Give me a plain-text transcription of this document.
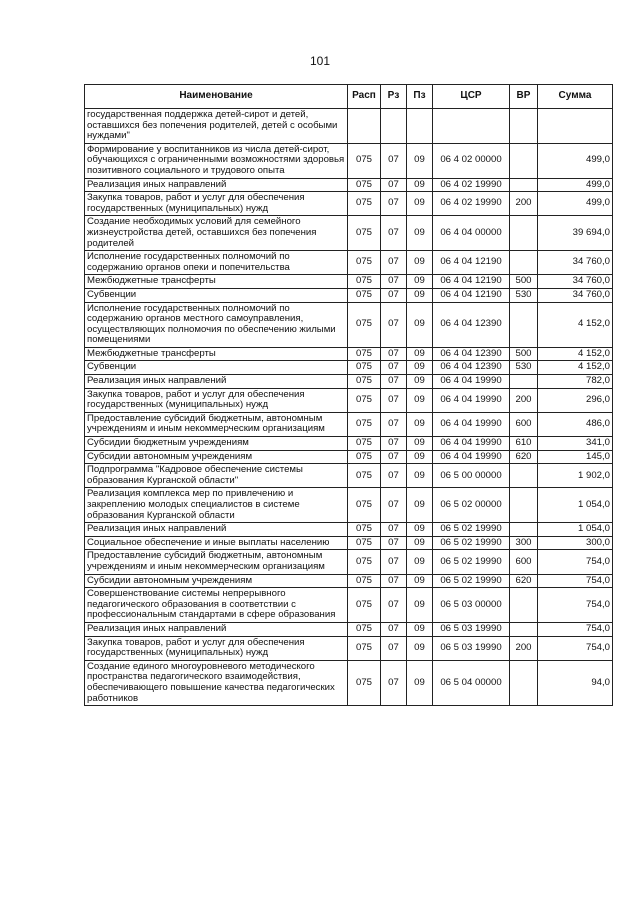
101
Наименование	Расп	Рз	Пз	ЦСР	ВР	Сумма
государственная поддержка детей-сирот и детей, оставшихся без попечения родителей, детей с особыми нуждами"						
Формирование у воспитанников из числа детей-сирот, обучающихся с ограниченными возможностями здоровья позитивного социального и трудового опыта	075	07	09	06 4 02 00000		499,0
Реализация иных направлений	075	07	09	06 4 02 19990		499,0
Закупка товаров, работ и услуг для обеспечения государственных (муниципальных) нужд	075	07	09	06 4 02 19990	200	499,0
Создание необходимых условий для семейного жизнеустройства детей, оставшихся без попечения родителей	075	07	09	06 4 04 00000		39 694,0
Исполнение государственных полномочий по содержанию органов опеки и попечительства	075	07	09	06 4 04 12190		34 760,0
Межбюджетные трансферты	075	07	09	06 4 04 12190	500	34 760,0
Субвенции	075	07	09	06 4 04 12190	530	34 760,0
Исполнение государственных полномочий по содержанию органов местного самоуправления, осуществляющих полномочия по обеспечению жилыми помещениями	075	07	09	06 4 04 12390		4 152,0
Межбюджетные трансферты	075	07	09	06 4 04 12390	500	4 152,0
Субвенции	075	07	09	06 4 04 12390	530	4 152,0
Реализация иных направлений	075	07	09	06 4 04 19990		782,0
Закупка товаров, работ и услуг для обеспечения государственных (муниципальных) нужд	075	07	09	06 4 04 19990	200	296,0
Предоставление субсидий бюджетным, автономным учреждениям и иным некоммерческим организациям	075	07	09	06 4 04 19990	600	486,0
Субсидии бюджетным учреждениям	075	07	09	06 4 04 19990	610	341,0
Субсидии автономным учреждениям	075	07	09	06 4 04 19990	620	145,0
Подпрограмма "Кадровое обеспечение системы образования Курганской области"	075	07	09	06 5 00 00000		1 902,0
Реализация комплекса мер по привлечению и закреплению молодых специалистов в системе образования Курганской области	075	07	09	06 5 02 00000		1 054,0
Реализация иных направлений	075	07	09	06 5 02 19990		1 054,0
Социальное обеспечение и иные выплаты населению	075	07	09	06 5 02 19990	300	300,0
Предоставление субсидий бюджетным, автономным учреждениям и иным некоммерческим организациям	075	07	09	06 5 02 19990	600	754,0
Субсидии автономным учреждениям	075	07	09	06 5 02 19990	620	754,0
Совершенствование системы непрерывного педагогического образования в соответствии с профессиональным стандартами в сфере образования	075	07	09	06 5 03 00000		754,0
Реализация иных направлений	075	07	09	06 5 03 19990		754,0
Закупка товаров, работ и услуг для обеспечения государственных (муниципальных) нужд	075	07	09	06 5 03 19990	200	754,0
Создание единого многоуровневого методического пространства педагогического взаимодействия, обеспечивающего повышение качества педагогических работников	075	07	09	06 5 04 00000		94,0
